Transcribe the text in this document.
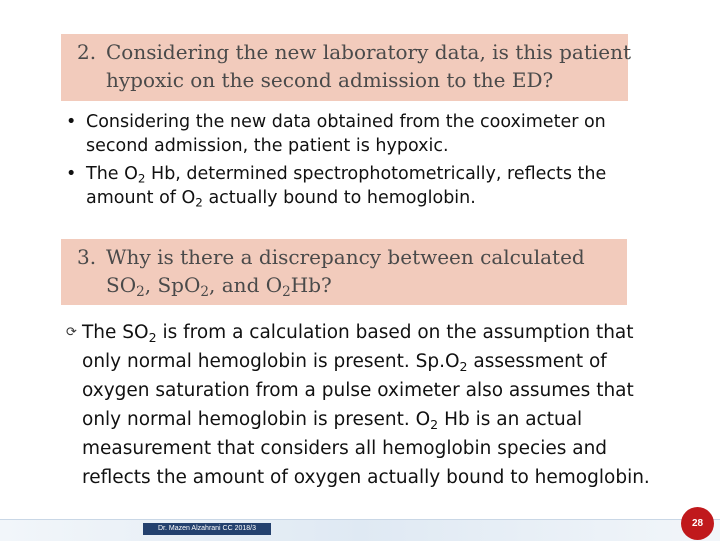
2. Considering the new laboratory data, is this patient
hypoxic on the second admission to the ED?
• Considering the new data obtained from the cooximeter on
second admission, the patient is hypoxic.
• The $O_2$ Hb, determined spectrophotometrically, reflects the
amount of $O_2$ actually bound to hemoglobin.
3. Why is there a discrepancy between calculated
$SO_2$, SpO$_2$, and $O_2Hb$?
⟳ The $SO_2$ is from a calculation based on the assumption that
only normal hemoglobin is present. $Sp.O_2$ assessment of
oxygen saturation from a pulse oximeter also assumes that
only normal hemoglobin is present. $O_2$ Hb is an actual
measurement that considers all hemoglobin species and
reflects the amount of oxygen actually bound to hemoglobin.
Dr. Mazen Alzahrani CC 2018/3	28
